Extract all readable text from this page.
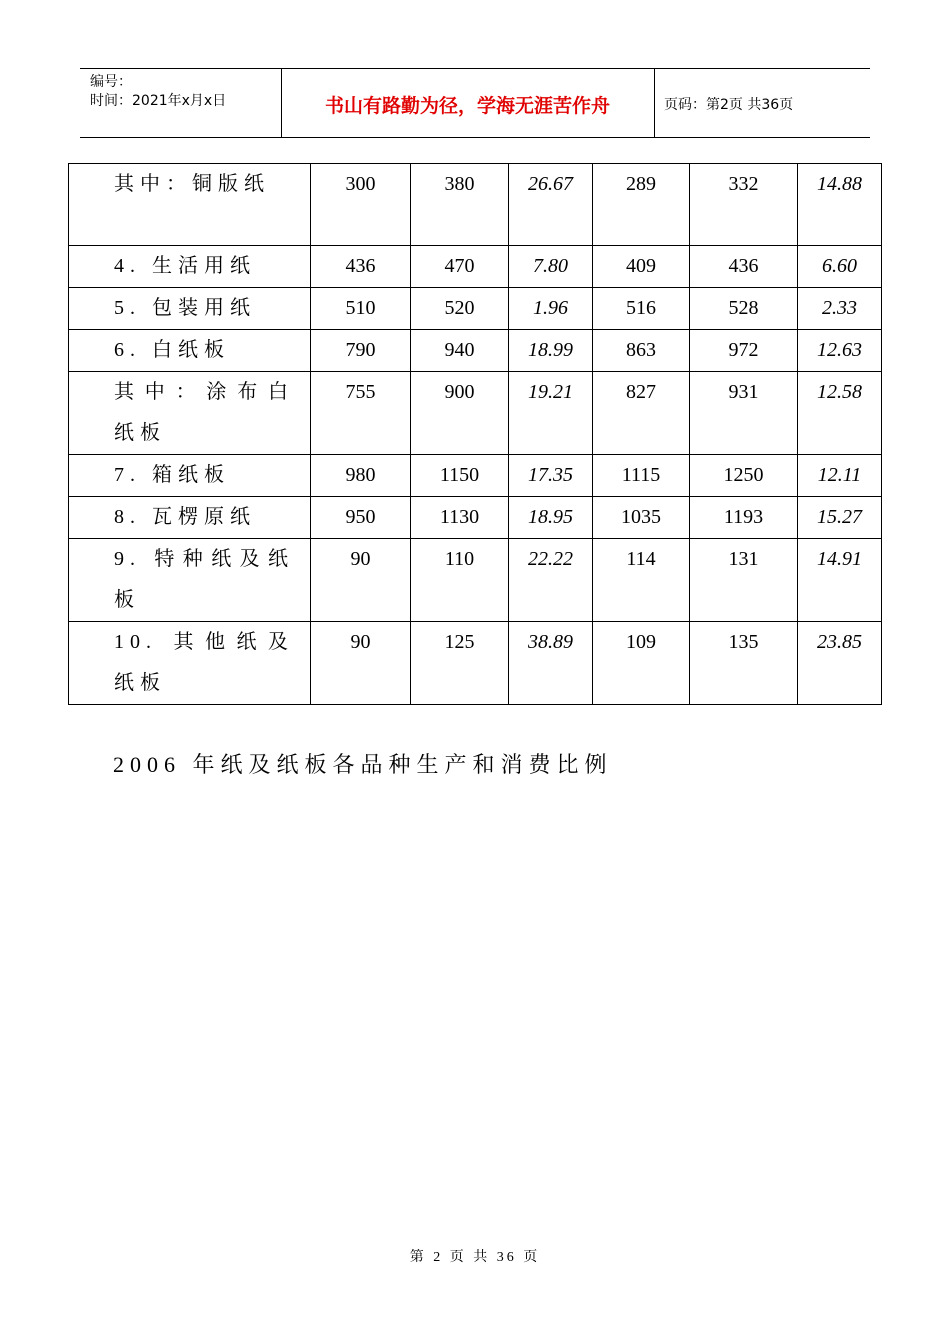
编号：
时间：2021年x月x日	书山有路勤为径，学海无涯苦作舟	页码：第2页 共36页
其中：铜版纸	300	380	26.67	289	332	14.88
4. 生活用纸	436	470	7.80	409	436	6.60
5. 包装用纸	510	520	1.96	516	528	2.33
6. 白纸板	790	940	18.99	863	972	12.63
其中：涂布白纸板	755	900	19.21	827	931	12.58
7. 箱纸板	980	1150	17.35	1115	1250	12.11
8. 瓦楞原纸	950	1130	18.95	1035	1193	15.27
9. 特种纸及纸板	90	110	22.22	114	131	14.91
10. 其他纸及纸板	90	125	38.89	109	135	23.85
2006 年纸及纸板各品种生产和消费比例
第 2 页 共 36 页
